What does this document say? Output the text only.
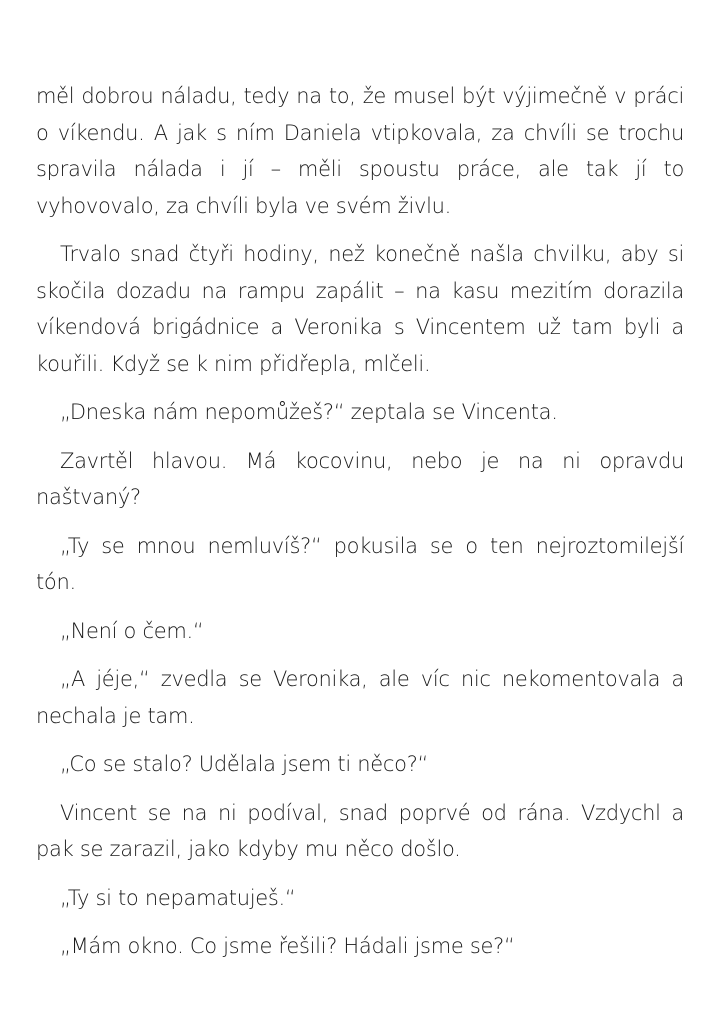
měl dobrou náladu, tedy na to, že musel být výjimečně v práci o víkendu. A jak s ním Daniela vtipkovala, za chvíli se trochu spravila nálada i jí – měli spoustu práce, ale tak jí to vyhovovalo, za chvíli byla ve svém živlu.

Trvalo snad čtyři hodiny, než konečně našla chvilku, aby si skočila dozadu na rampu zapálit – na kasu mezitím dorazila víkendová brigádnice a Veronika s Vincentem už tam byli a kouřili. Když se k nim přidřepla, mlčeli.

„Dneska nám nepomůžeš?“ zeptala se Vincenta.

Zavrtěl hlavou. Má kocovinu, nebo je na ni opravdu naštvaný?

„Ty se mnou nemluvíš?“ pokusila se o ten nejroztomilejší tón.

„Není o čem.“

„A jéje,“ zvedla se Veronika, ale víc nic nekomentovala a nechala je tam.

„Co se stalo? Udělala jsem ti něco?“

Vincent se na ni podíval, snad poprvé od rána. Vzdychl a pak se zarazil, jako kdyby mu něco došlo.

„Ty si to nepamatuješ.“

„Mám okno. Co jsme řešili? Hádali jsme se?“
